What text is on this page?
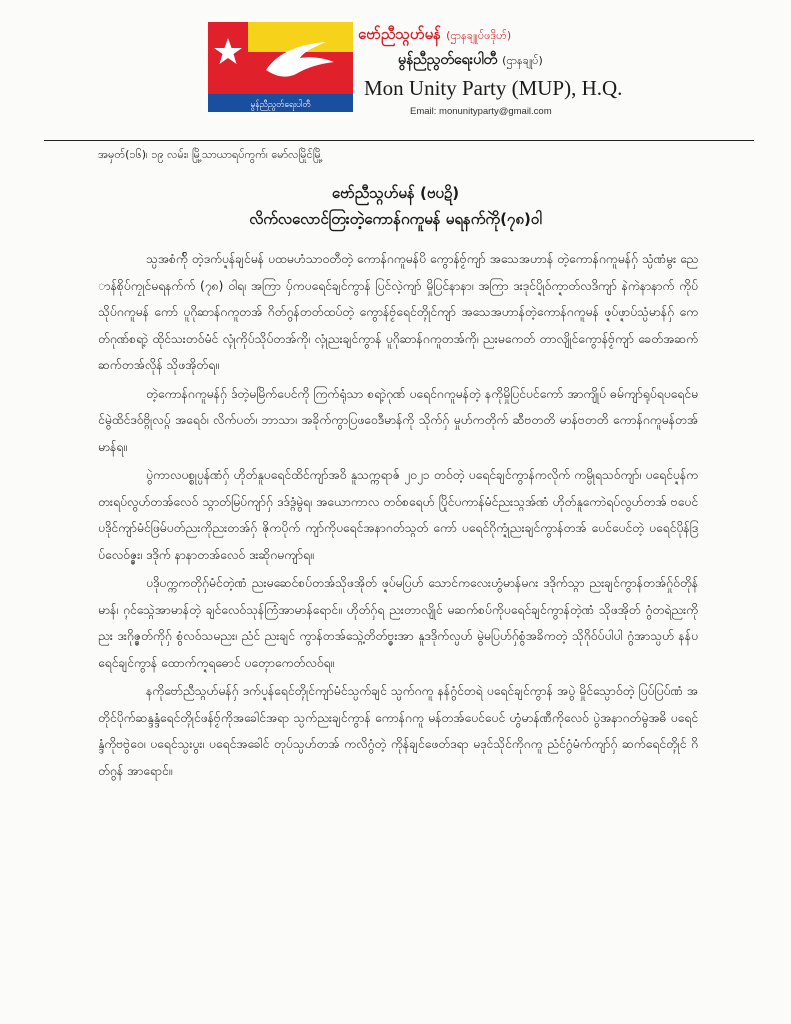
မွန်ညီညွတ်ရေးပါတီ
ဗော်ညီသ္ဂဟ်မန် (ဌာနချူပ်ဖဒိုဟ်)
မွန်ညီညွတ်ရေးပါတီ (ဌာနချုပ်)
Mon Unity Party (MUP), H.Q.
Email: monunityparty@gmail.com
အမှတ်(၁၆)၊ ၁၉ လမ်း၊ မြို့သာယာရပ်ကွက်၊ မော်လမြိုင်မြို့
ဗော်ညီသ္ဂဟ်မန် (ဗပဍိ)
လိက်လလောင်တြးတဲ့ကောန်ဂကူမန် မရနက်ကိုဲ(၇၈)ဝါ

သ္ပအစံက်ို တဲ့ဒက်ပ္ဍန်ချင်မန် ပထမဟံသာဝတီတဲ့ ကောန်ဂကူမန်ပိ ကွောန်ဗၟ်ကျာ် အသေအဟာန် တဲ့ကောန်ဂကူမန်ဂှ် သ္ပံဏံမွး ညောန်စိုပ်ကၠုင်မရနက်က် (၇၈) ဝါရ၊ အကြာ ပှ်ကပရေင်ချင်ကွာန် ပြင်လဲ့ကျာ် မှိုပြင်နာနာ၊ အကြာ ဒးဒုင်ပ္ဍိုဝ်က္ဍာတ်လဒိကျာ် နဲကဲနာနာက် ကိုပ်သိုပ်ဂကူမန် ကော် ပူဂိုဆာန်ဂကူတအ် ဂိတ်ဂွန်တတ်ထပ်တဲ့ ကွောန်ဗၟ်ရေင်တ္ၚိုင်ကျာ် အသေအဟာန်တဲ့ကောန်ဂကူမန် ဖ္ဍပ်ဖ္ဍာပ်သ္ပံမာန်ဂှ် ကေတ်ဂုဏ်စရာဲ့ ထိုင်သးတဝ်မံင် လ္ၚုံကိုပ်သိုပ်တအ်ကို၊ လ္ၚုံညးချင်ကွာန် ပူဂိုဆာန်ဂကူတအ်ကို၊ ညးမကေတ် တာလျိုင်ကွောန်ဗၟ်ကျာ် ခေတ်အဆက်ဆက်တအ်လိုန် သိုဖအိုတ်ရ။

တဲ့ကောန်ဂကူမန်ဂှ် ဒ်တဲ့မမြိက်ပေင်ကို ကြက်ရုံသာ စရာဲ့ဂုဏ် ပရေင်ဂကူမန်တဲ့ နကိုမှိုပြင်ပင်ကော် အာကျိုပ် ဓမ်ကျာ်ရုပ်ရပရေင်မင်မွဲထိင်ဒဝ်ဗ္ဂိုလပ္ဂ် အရေဝ်၊ လိက်ပတ်၊ ဘာသာ၊ အခိုက်ကွာပြဖဝေဒီမာန်ကို သိုက်ဂှ် မှုဟ်ကတိုက် ဆီဗတတိ မာန်ဗတတိ ကောန်ဂကူမန်တအ်မာန်ရ။

ပွဲကာလပစ္စုပ္ပန်ဏံဂှ် ဟိုတ်နူပရေင်ထိင်ကျာ်အဝိ နူသက္ကရာဇ် ၂၀၂၁ တဝ်တဲ့ ပရေင်ချင်ကွာန်ကလိုက် ကမ္ပိုရသဝ်ကျာ်၊ ပရေင်ပ္ဍန်ကတးရပ်လွဟ်တအ်လေဝ် သ္ဂာတ်မြပ်ကျာ်ဂှ် ဒဒ်ဒ္ဂံမွဲရ၊ အယောကာလ တဝ်စရေဟ် ပြိုင်ပကာန်မံင်ညးသ္ဂအ်ဏံ ဟိုတ်နူကောဲရပ်လွဟ်တအ် ဗပေင်ပဒိုင်ကျာ်မံင်ဖြမ်ပတ်ညးကိုညးတအ်ဂှ် ဇိုကပိုက် ကျာ်ကိုပရေင်အနာဂတ်သ္ဂတ် ကော် ပရေင်ဂိုက္ဍုံညးချင်ကွာန်တအ် ပေင်ပေင်တဲ့ ပရေင်ပိုန်ဒြပ်လေဝ်ဇ္ၜး၊ ဒဒိုက် နာနာတအ်လေဝ် ဒးဆိုဂမကျာ်ရ။

ပဒိုပက္ကကတိုဂှ်မံင်တဲ့ဏံ ညးမဆေင်စပ်တအ်သိုဖအိုတ် ဖ္ဍပ်မပြဟ် သောင်ကလေးဟွံမာန်မဂး ဒဒိုက်သ္ဂာ ညးချင်ကွာန်တအ်ဂှ်ုဝ်တိုန်မာန်၊ ဂ္ၚင်သ္ဂေဲအာမာန်တဲ့ ချင်လေဝ်သုန်ကြံအာမာန်ရောင်။ ဟိုတ်ဂှ်ရ ညးတာလျိုင် မဆက်စပ်ကိုပရေင်ချင်ကွာန်တဲ့ဏံ သိုဖအိုတ် ဂွံတရဲညးကိုညး ဒးဂိုဇ္ၜတ်ကိုဂှ် စွံလဝ်သမညး၊ ညံင် ညးချင် ကွာန်တအ်သ္ဂေဲ့တိတ်ဗ္ၜးအာ နူဒဒိုက်လ္ပဟ် မွဲမပြဟ်ဂှ်စွံအခိကတဲ့ သိုဂိုဝ်ပ်ပါပါ ဂွံအာသ္ပဟ် နန်ပရေင်ချင်ကွာန် ထောက်က္ဍရဓောင် ပတ္ၚောကေတ်လဝ်ရ။

နကိုဗော်ညီသ္ဂဟ်မန်ဂှ် ဒက်ပ္ဍန်ရေင်တ္ၚိုင်ကျာ်မံင်သ္ပက်ချင် သ္ပက်ဂကူ နန်ဂွံင်တရဲ ပရေင်ချင်ကွာန် အပွဲ မှိုင်သ္ပောဝ်တဲ့ ပြပ်ပြပ်ဏံ အတိုင်ပိုက်ဆန္ဒန္ဒံရေင်တ္ၚိုင်ဖန်ဗၟ်ကိုအခေါင်အရာ သ္ပက်ညးချင်ကွာန် ကောန်ဂကူ မန်တအ်ပေင်ပေင် ဟွံမာန်ဏီကိုလေဝ် ပွဲအနာဂတ်မွဲအဓိ ပရေင်န္ဒံကိုဗဗွဲဝေ၊ ပရေင်သ္ပးပွး၊ ပရေင်အခေါင် တုပ်သ္ပဟ်တအ် ကလိဂွံတဲ့ ကိုန်ချင်ဖေတ်ဒရာ မဒုင်သိုင်ကိုဂကူ ညံင်ဂွံမံက်ကျာ်ဂှ် ဆက်ရေင်တ္ၚိုင် ဂိတ်ဂွန် အာရောင်။
